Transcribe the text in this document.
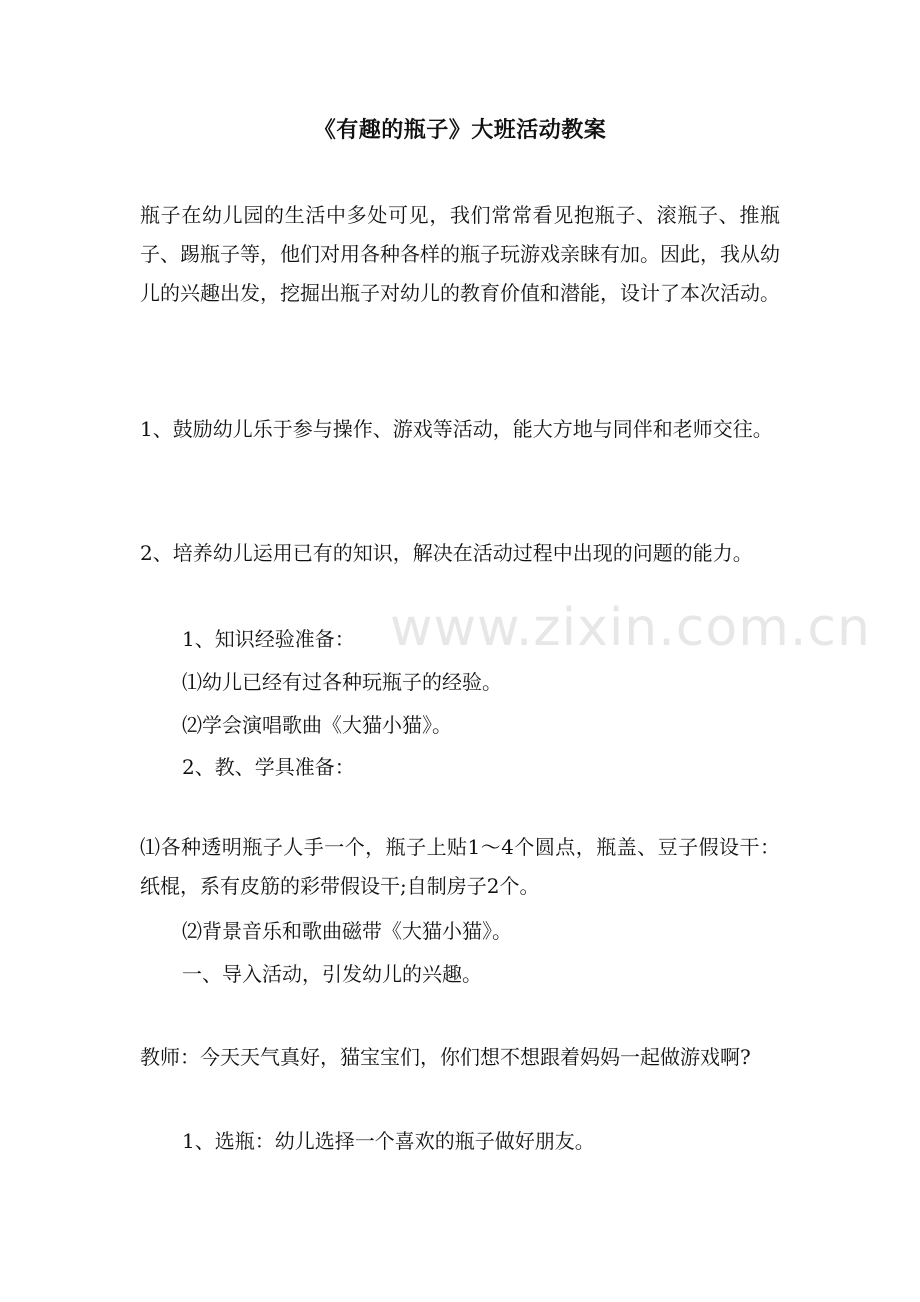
《有趣的瓶子》大班活动教案

瓶子在幼儿园的生活中多处可见，我们常常看见抱瓶子、滚瓶子、推瓶子、踢瓶子等，他们对用各种各样的瓶子玩游戏亲睐有加。因此，我从幼儿的兴趣出发，挖掘出瓶子对幼儿的教育价值和潜能，设计了本次活动。

1、鼓励幼儿乐于参与操作、游戏等活动，能大方地与同伴和老师交往。

2、培养幼儿运用已有的知识，解决在活动过程中出现的问题的能力。

1、知识经验准备：

⑴幼儿已经有过各种玩瓶子的经验。

⑵学会演唱歌曲《大猫小猫》。

2、教、学具准备：

⑴各种透明瓶子人手一个，瓶子上贴1～4个圆点，瓶盖、豆子假设干：纸棍，系有皮筋的彩带假设干;自制房子2个。

⑵背景音乐和歌曲磁带《大猫小猫》。

一、导入活动，引发幼儿的兴趣。

教师：今天天气真好，猫宝宝们，你们想不想跟着妈妈一起做游戏啊?

1、选瓶：幼儿选择一个喜欢的瓶子做好朋友。

www.zixin.com.cn
